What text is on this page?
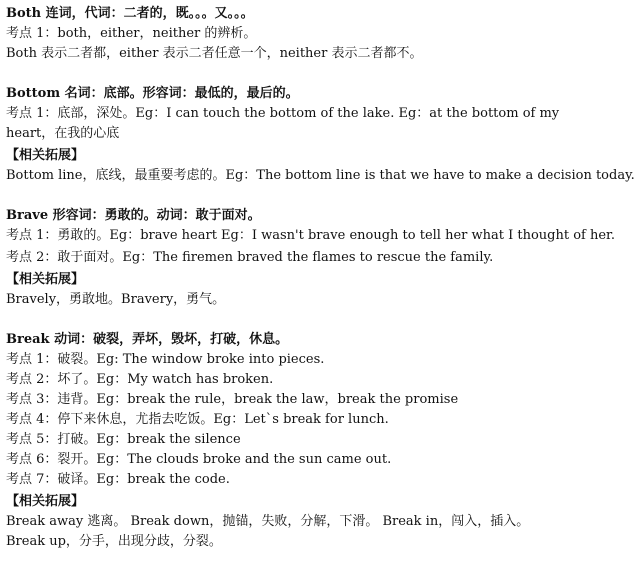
Both 连词，代词：二者的，既。。。又。。。
考点 1：both，either，neither 的辨析。
Both 表示二者都，either 表示二者任意一个，neither 表示二者都不。
Bottom 名词：底部。形容词：最低的，最后的。
考点 1：底部，深处。Eg：I can touch the bottom of the lake. Eg：at the bottom of my heart，在我的心底
【相关拓展】
Bottom line，底线，最重要考虑的。Eg：The bottom line is that we have to make a decision today.
Brave 形容词：勇敢的。动词：敢于面对。
考点 1：勇敢的。Eg：brave heart Eg：I wasn't brave enough to tell her what I thought of her.
考点 2：敢于面对。Eg：The firemen braved the flames to rescue the family.
【相关拓展】
Bravely，勇敢地。Bravery，勇气。
Break 动词：破裂，弄坏，毁坏，打破，休息。
考点 1：破裂。Eg: The window broke into pieces.
考点 2：坏了。Eg：My watch has broken.
考点 3：违背。Eg：break the rule，break the law，break the promise
考点 4：停下来休息，尤指去吃饭。Eg：Let`s break for lunch.
考点 5：打破。Eg：break the silence
考点 6：裂开。Eg：The clouds broke and the sun came out.
考点 7：破译。Eg：break the code.
【相关拓展】
Break away 逃离。 Break down，抛锚，失败，分解，下滑。 Break in，闯入，插入。
Break up，分手，出现分歧，分裂。
